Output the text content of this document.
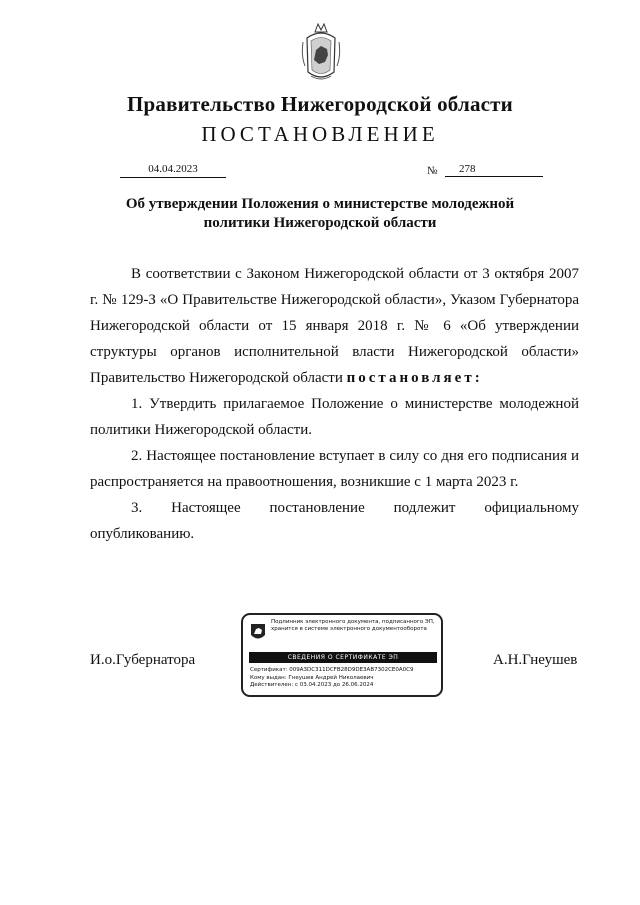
Правительство Нижегородской области
ПОСТАНОВЛЕНИЕ
04.04.2023	№	278
Об утверждении Положения о министерстве молодежной
политики Нижегородской области

В соответствии с Законом Нижегородской области от 3 октября 2007 г. № 129-З «О Правительстве Нижегородской области», Указом Губернатора Нижегородской области от 15 января 2018 г. № 6 «Об утверждении структуры органов исполнительной власти Нижегородской области» Правительство Нижегородской области постановляет:

1. Утвердить прилагаемое Положение о министерстве молодежной политики Нижегородской области.

2. Настоящее постановление вступает в силу со дня его подписания и распространяется на правоотношения, возникшие с 1 марта 2023 г.

3. Настоящее постановление подлежит официальному опубликованию.

И.о.Губернатора
Подлинник электронного документа, подписанного ЭП,
хранится в системе электронного документооборота
СВЕДЕНИЯ О СЕРТИФИКАТЕ ЭП
Сертификат: 009A3DC311DCFB28D9DE3AB7302CE0A0C9
Кому выдан: Гнеушев Андрей Николаевич
Действителен: с 03.04.2023 до 26.06.2024
А.Н.Гнеушев
